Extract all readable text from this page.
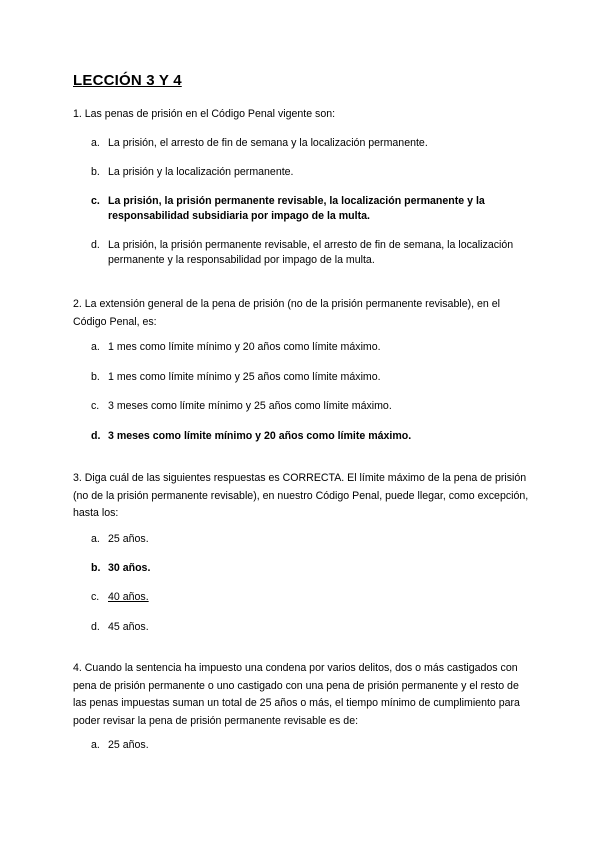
LECCIÓN 3 Y 4
1. Las penas de prisión en el Código Penal vigente son:
a. La prisión, el arresto de fin de semana y la localización permanente.
b. La prisión y la localización permanente.
c. La prisión, la prisión permanente revisable, la localización permanente y la responsabilidad subsidiaria por impago de la multa.
d. La prisión, la prisión permanente revisable, el arresto de fin de semana, la localización permanente y la responsabilidad por impago de la multa.
2. La extensión general de la pena de prisión (no de la prisión permanente revisable), en el Código Penal, es:
a. 1 mes como límite mínimo y 20 años como límite máximo.
b. 1 mes como límite mínimo y 25 años como límite máximo.
c. 3 meses como límite mínimo y 25 años como límite máximo.
d. 3 meses como límite mínimo y 20 años como límite máximo.
3. Diga cuál de las siguientes respuestas es CORRECTA. El límite máximo de la pena de prisión (no de la prisión permanente revisable), en nuestro Código Penal, puede llegar, como excepción, hasta los:
a. 25 años.
b. 30 años.
c. 40 años.
d. 45 años.
4. Cuando la sentencia ha impuesto una condena por varios delitos, dos o más castigados con pena de prisión permanente o uno castigado con una pena de prisión permanente y el resto de las penas impuestas suman un total de 25 años o más, el tiempo mínimo de cumplimiento para poder revisar la pena de prisión permanente revisable es de:
a. 25 años.
